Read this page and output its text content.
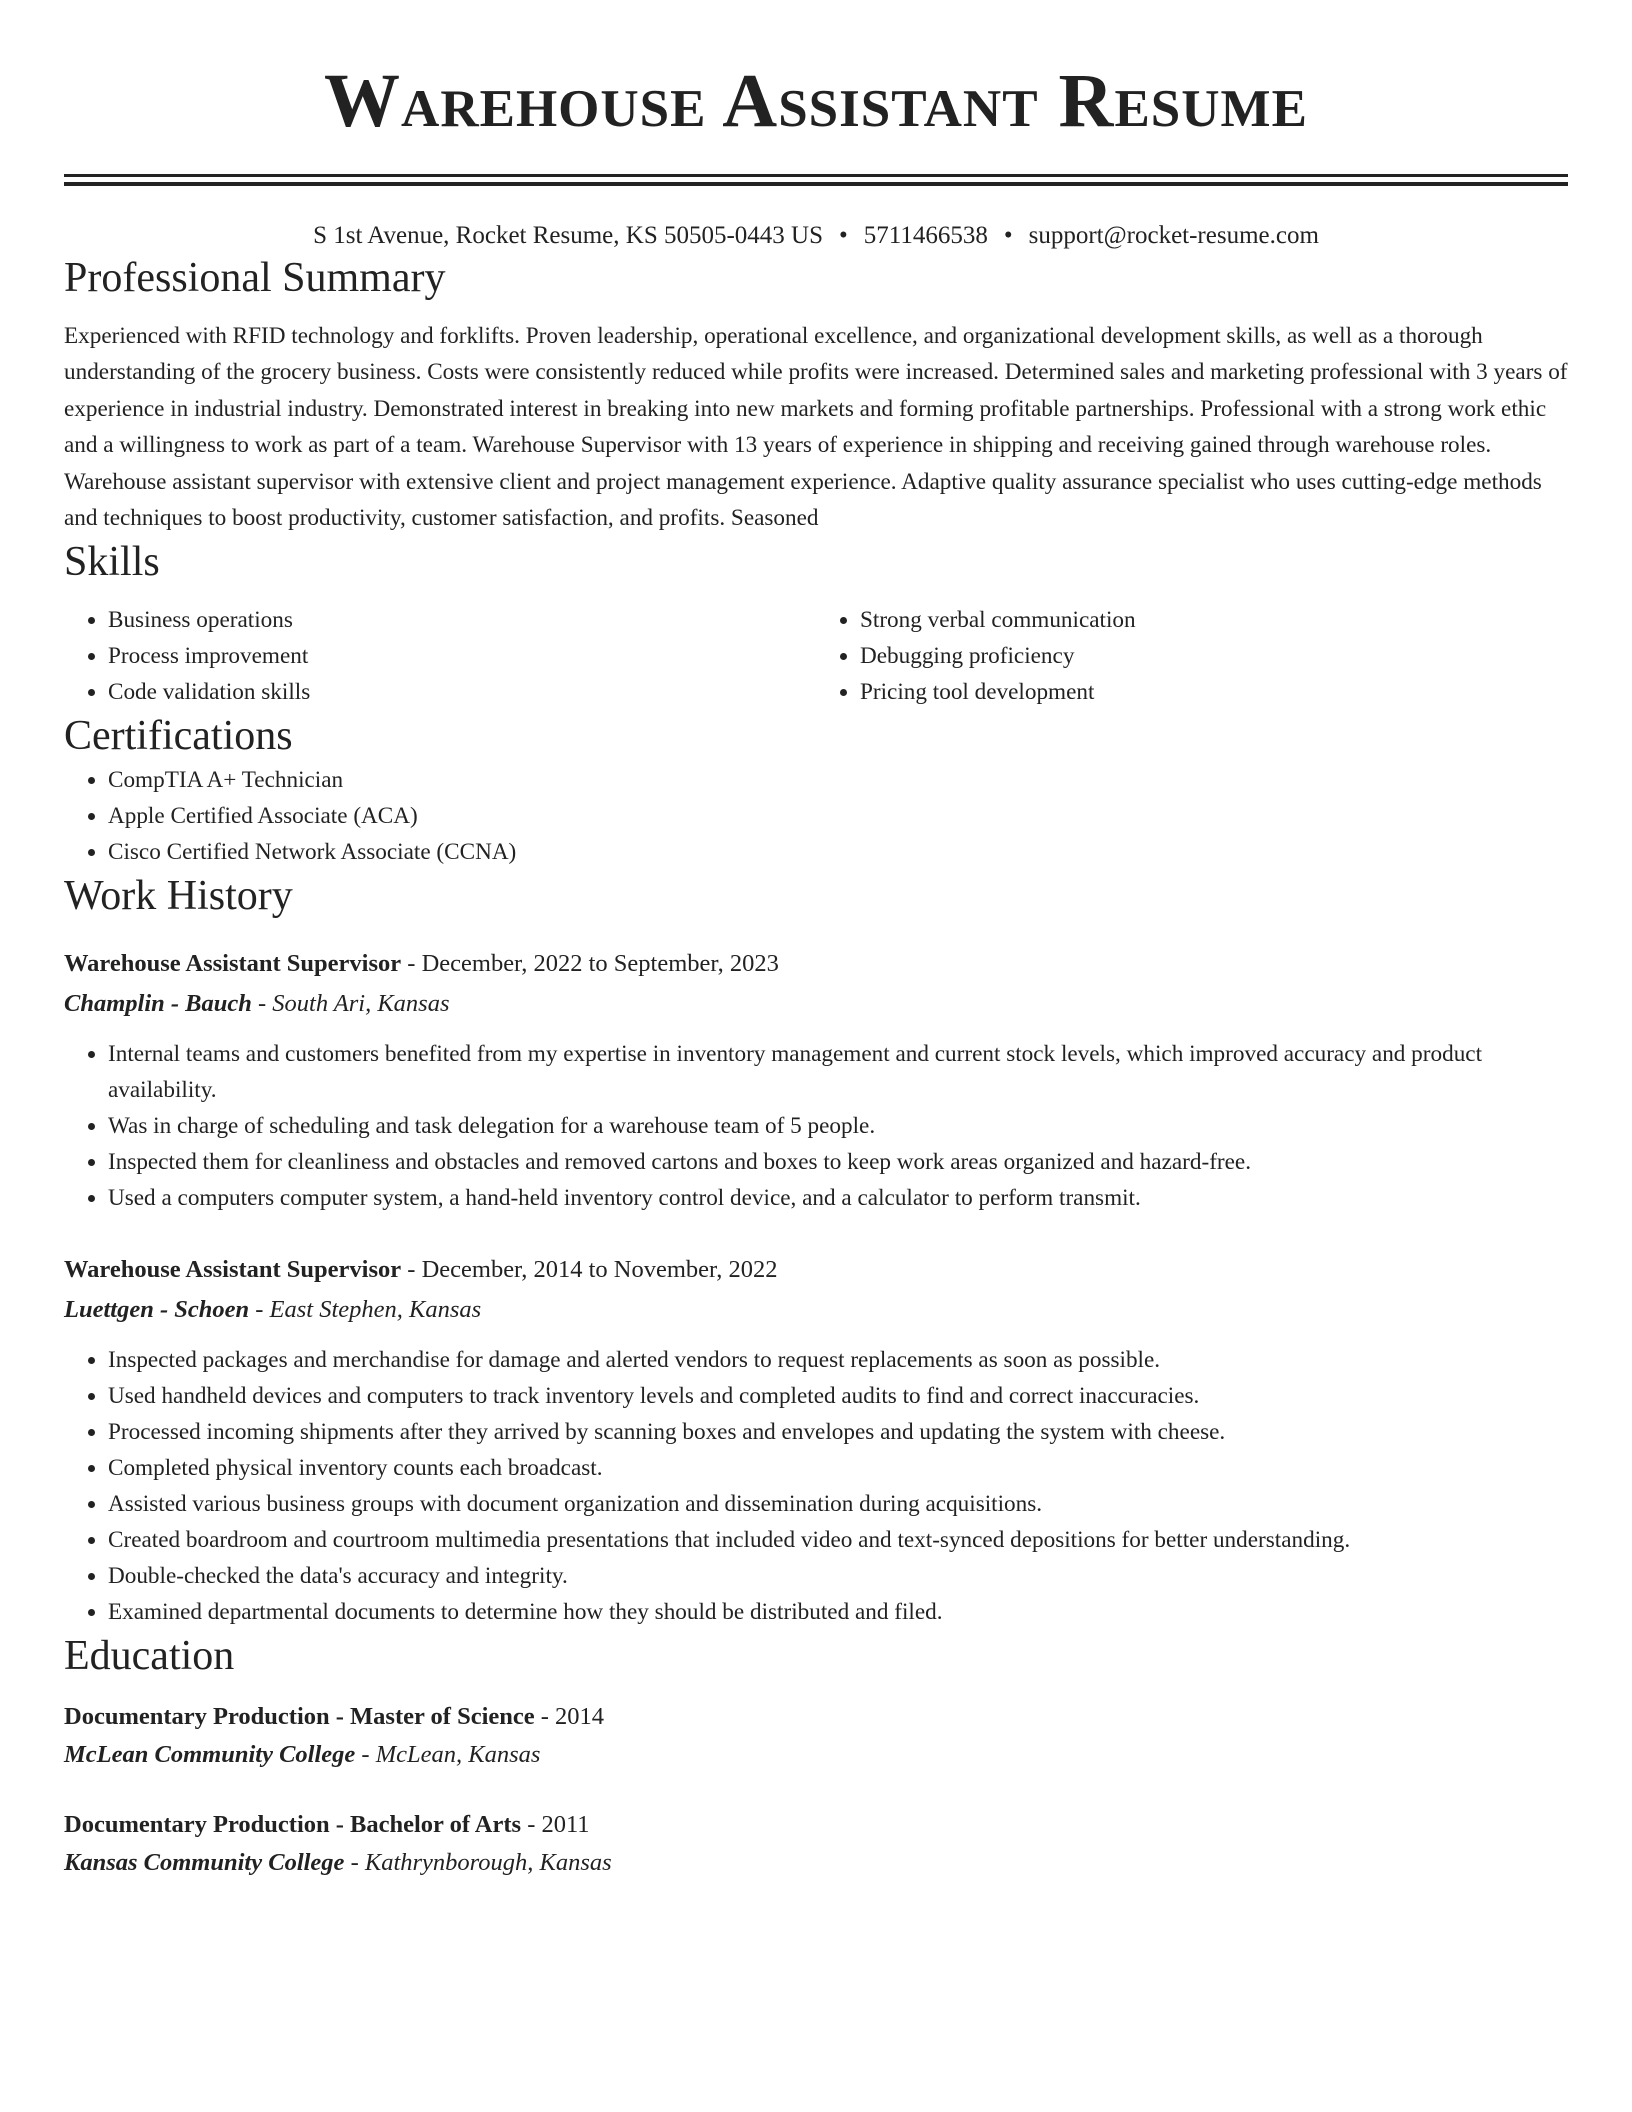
Warehouse Assistant Resume
S 1st Avenue, Rocket Resume, KS 50505-0443 US • 5711466538 • support@rocket-resume.com
Professional Summary

Experienced with RFID technology and forklifts. Proven leadership, operational excellence, and organizational development skills, as well as a thorough understanding of the grocery business. Costs were consistently reduced while profits were increased. Determined sales and marketing professional with 3 years of experience in industrial industry. Demonstrated interest in breaking into new markets and forming profitable partnerships. Professional with a strong work ethic and a willingness to work as part of a team. Warehouse Supervisor with 13 years of experience in shipping and receiving gained through warehouse roles. Warehouse assistant supervisor with extensive client and project management experience. Adaptive quality assurance specialist who uses cutting-edge methods and techniques to boost productivity, customer satisfaction, and profits. Seasoned

Skills
• Business operations
• Process improvement
• Code validation skills
• Strong verbal communication
• Debugging proficiency
• Pricing tool development
Certifications
• CompTIA A+ Technician
• Apple Certified Associate (ACA)
• Cisco Certified Network Associate (CCNA)
Work History
Warehouse Assistant Supervisor - December, 2022 to September, 2023
Champlin - Bauch - South Ari, Kansas
• Internal teams and customers benefited from my expertise in inventory management and current stock levels, which improved accuracy and product availability.
• Was in charge of scheduling and task delegation for a warehouse team of 5 people.
• Inspected them for cleanliness and obstacles and removed cartons and boxes to keep work areas organized and hazard-free.
• Used a computers computer system, a hand-held inventory control device, and a calculator to perform transmit.
Warehouse Assistant Supervisor - December, 2014 to November, 2022
Luettgen - Schoen - East Stephen, Kansas
• Inspected packages and merchandise for damage and alerted vendors to request replacements as soon as possible.
• Used handheld devices and computers to track inventory levels and completed audits to find and correct inaccuracies.
• Processed incoming shipments after they arrived by scanning boxes and envelopes and updating the system with cheese.
• Completed physical inventory counts each broadcast.
• Assisted various business groups with document organization and dissemination during acquisitions.
• Created boardroom and courtroom multimedia presentations that included video and text-synced depositions for better understanding.
• Double-checked the data's accuracy and integrity.
• Examined departmental documents to determine how they should be distributed and filed.
Education
Documentary Production - Master of Science - 2014
McLean Community College - McLean, Kansas
Documentary Production - Bachelor of Arts - 2011
Kansas Community College - Kathrynborough, Kansas
